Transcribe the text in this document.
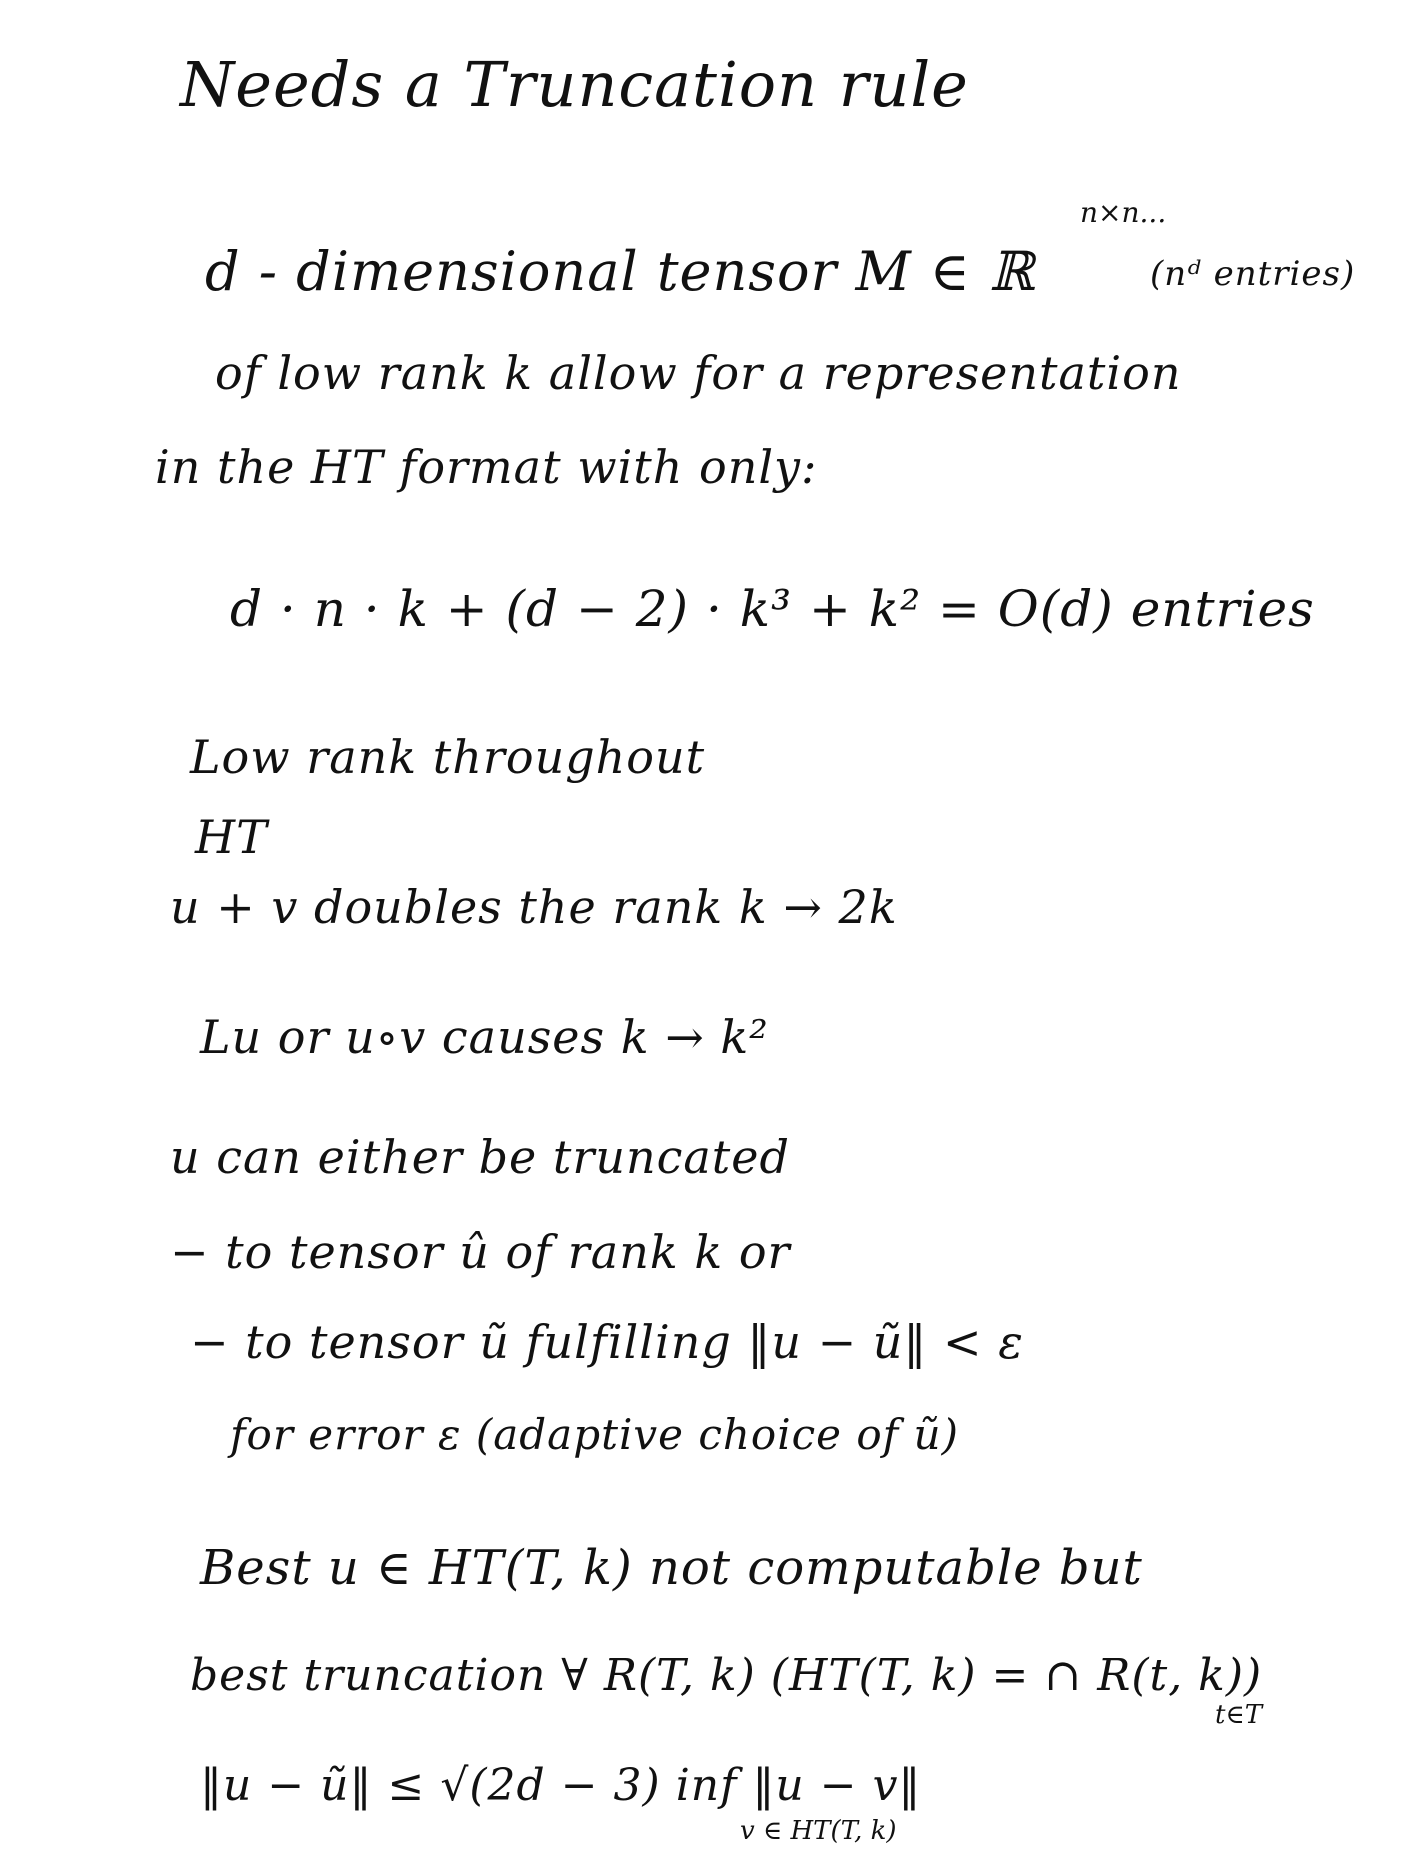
Needs a Truncation rule
d - dimensional tensor M ∈ ℝ
n×n...
(nᵈ entries)
of low rank k allow for a representation
in the HT format with only:
d · n · k + (d − 2) · k³ + k² = O(d) entries
Low rank throughout
HT
u + v doubles the rank k → 2k
Lu or u∘v causes k → k²
u can either be truncated
− to tensor û of rank k or
− to tensor ũ fulfilling ‖u − ũ‖ < ε
for error ε (adaptive choice of ũ)
Best u ∈ HT(T, k) not computable but
best truncation ∀ R(T, k) (HT(T, k) = ∩ R(t, k))
t∈T
‖u − ũ‖ ≤ √(2d − 3) inf ‖u − v‖
v ∈ HT(T, k)
